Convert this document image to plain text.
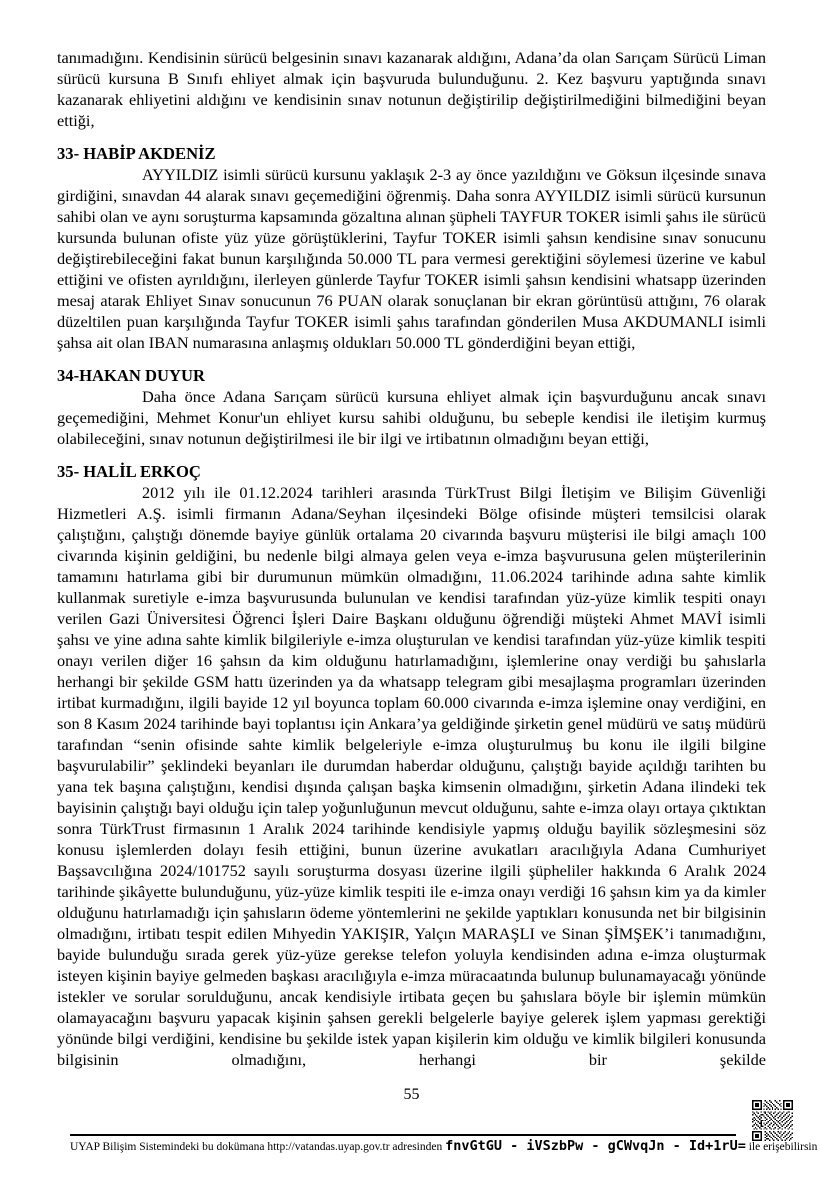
tanımadığını. Kendisinin sürücü belgesinin sınavı kazanarak aldığını, Adana’da olan Sarıçam Sürücü Liman sürücü kursuna B Sınıfı ehliyet almak için başvuruda bulunduğunu. 2. Kez başvuru yaptığında sınavı kazanarak ehliyetini aldığını ve kendisinin sınav notunun değiştirilip değiştirilmediğini bilmediğini beyan ettiği,

33- HABİP AKDENİZ

AYYILDIZ isimli sürücü kursunu yaklaşık 2-3 ay önce yazıldığını ve Göksun ilçesinde sınava girdiğini, sınavdan 44 alarak sınavı geçemediğini öğrenmiş. Daha sonra AYYILDIZ isimli sürücü kursunun sahibi olan ve aynı soruşturma kapsamında gözaltına alınan şüpheli TAYFUR TOKER isimli şahıs ile sürücü kursunda bulunan ofiste yüz yüze görüştüklerini, Tayfur TOKER isimli şahsın kendisine sınav sonucunu değiştirebileceğini fakat bunun karşılığında 50.000 TL para vermesi gerektiğini söylemesi üzerine ve kabul ettiğini ve ofisten ayrıldığını, ilerleyen günlerde Tayfur TOKER isimli şahsın kendisini whatsapp üzerinden mesaj atarak Ehliyet Sınav sonucunun 76 PUAN olarak sonuçlanan bir ekran görüntüsü attığını, 76 olarak düzeltilen puan karşılığında Tayfur TOKER isimli şahıs tarafından gönderilen Musa AKDUMANLI isimli şahsa ait olan IBAN numarasına anlaşmış oldukları 50.000 TL gönderdiğini beyan ettiği,

34-HAKAN DUYUR

Daha önce Adana Sarıçam sürücü kursuna ehliyet almak için başvurduğunu ancak sınavı geçemediğini, Mehmet Konur'un ehliyet kursu sahibi olduğunu, bu sebeple kendisi ile iletişim kurmuş olabileceğini, sınav notunun değiştirilmesi ile bir ilgi ve irtibatının olmadığını beyan ettiği,

35- HALİL ERKOÇ

2012 yılı ile 01.12.2024 tarihleri arasında TürkTrust Bilgi İletişim ve Bilişim Güvenliği Hizmetleri A.Ş. isimli firmanın Adana/Seyhan ilçesindeki Bölge ofisinde müşteri temsilcisi olarak çalıştığını, çalıştığı dönemde bayiye günlük ortalama 20 civarında başvuru müşterisi ile bilgi amaçlı 100 civarında kişinin geldiğini, bu nedenle bilgi almaya gelen veya e-imza başvurusuna gelen müşterilerinin tamamını hatırlama gibi bir durumunun mümkün olmadığını, 11.06.2024 tarihinde adına sahte kimlik kullanmak suretiyle e-imza başvurusunda bulunulan ve kendisi tarafından yüz-yüze kimlik tespiti onayı verilen Gazi Üniversitesi Öğrenci İşleri Daire Başkanı olduğunu öğrendiği müşteki Ahmet MAVİ isimli şahsı ve yine adına sahte kimlik bilgileriyle e-imza oluşturulan ve kendisi tarafından yüz-yüze kimlik tespiti onayı verilen diğer 16 şahsın da kim olduğunu hatırlamadığını, işlemlerine onay verdiği bu şahıslarla herhangi bir şekilde GSM hattı üzerinden ya da whatsapp telegram gibi mesajlaşma programları üzerinden irtibat kurmadığını, ilgili bayide 12 yıl boyunca toplam 60.000 civarında e-imza işlemine onay verdiğini, en son 8 Kasım 2024 tarihinde bayi toplantısı için Ankara’ya geldiğinde şirketin genel müdürü ve satış müdürü tarafından “senin ofisinde sahte kimlik belgeleriyle e-imza oluşturulmuş bu konu ile ilgili bilgine başvurulabilir” şeklindeki beyanları ile durumdan haberdar olduğunu, çalıştığı bayide açıldığı tarihten bu yana tek başına çalıştığını, kendisi dışında çalışan başka kimsenin olmadığını, şirketin Adana ilindeki tek bayisinin çalıştığı bayi olduğu için talep yoğunluğunun mevcut olduğunu, sahte e-imza olayı ortaya çıktıktan sonra TürkTrust firmasının 1 Aralık 2024 tarihinde kendisiyle yapmış olduğu bayilik sözleşmesini söz konusu işlemlerden dolayı fesih ettiğini, bunun üzerine avukatları aracılığıyla Adana Cumhuriyet Başsavcılığına 2024/101752 sayılı soruşturma dosyası üzerine ilgili şüpheliler hakkında 6 Aralık 2024 tarihinde şikâyette bulunduğunu, yüz-yüze kimlik tespiti ile e-imza onayı verdiği 16 şahsın kim ya da kimler olduğunu hatırlamadığı için şahısların ödeme yöntemlerini ne şekilde yaptıkları konusunda net bir bilgisinin olmadığını, irtibatı tespit edilen Mıhyedin YAKIŞIR, Yalçın MARAŞLI ve Sinan ŞİMŞEK’i tanımadığını, bayide bulunduğu sırada gerek yüz-yüze gerekse telefon yoluyla kendisinden adına e-imza oluşturmak isteyen kişinin bayiye gelmeden başkası aracılığıyla e-imza müracaatında bulunup bulunamayacağı yönünde istekler ve sorular sorulduğunu, ancak kendisiyle irtibata geçen bu şahıslara böyle bir işlemin mümkün olamayacağını başvuru yapacak kişinin şahsen gerekli belgelerle bayiye gelerek işlem yapması gerektiği yönünde bilgi verdiğini, kendisine bu şekilde istek yapan kişilerin kim olduğu ve kimlik bilgileri konusunda bilgisinin olmadığını, herhangi bir şekilde

55

UYAP Bilişim Sistemindeki bu dokümana http://vatandas.uyap.gov.tr adresinden fnvGtGU - iVSzbPw - gCWvqJn - Id+1rU= ile erişebilirsin
